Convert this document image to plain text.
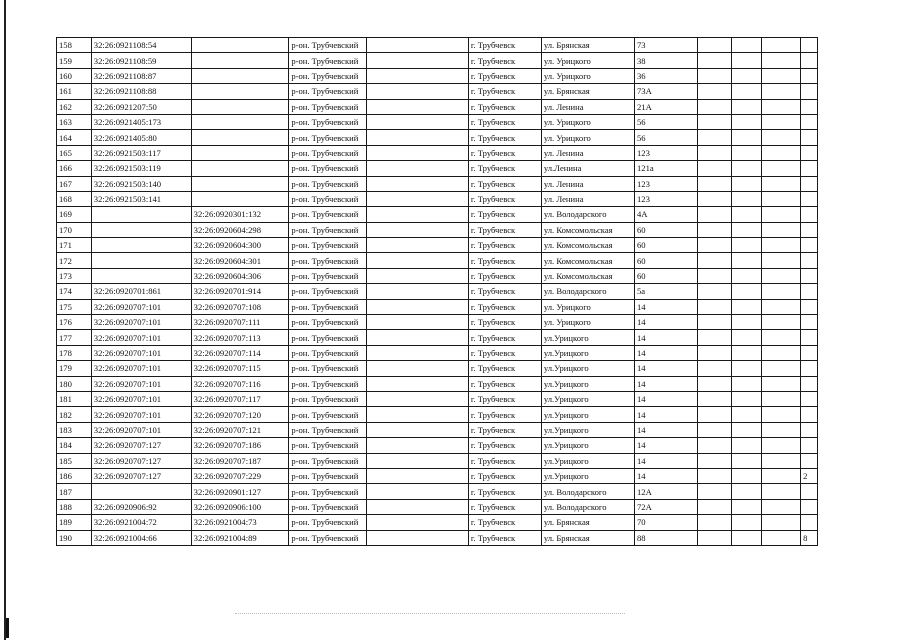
158	32:26:0921108:54		р-он. Трубчевский		г. Трубчевск	ул. Брянская	73				
159	32:26:0921108:59		р-он. Трубчевский		г. Трубчевск	ул. Урицкого	38				
160	32:26:0921108:87		р-он. Трубчевский		г. Трубчевск	ул. Урицкого	36				
161	32:26:0921108:88		р-он. Трубчевский		г. Трубчевск	ул. Брянская	73А				
162	32:26:0921207:50		р-он. Трубчевский		г. Трубчевск	ул. Ленина	21А				
163	32:26:0921405:173		р-он. Трубчевский		г. Трубчевск	ул. Урицкого	56				
164	32:26:0921405:80		р-он. Трубчевский		г. Трубчевск	ул. Урицкого	56				
165	32:26:0921503:117		р-он. Трубчевский		г. Трубчевск	ул. Ленина	123				
166	32:26:0921503:119		р-он. Трубчевский		г. Трубчевск	ул.Ленина	121а				
167	32:26:0921503:140		р-он. Трубчевский		г. Трубчевск	ул. Ленина	123				
168	32:26:0921503:141		р-он. Трубчевский		г. Трубчевск	ул. Ленина	123				
169		32:26:0920301:132	р-он. Трубчевский		г. Трубчевск	ул. Володарского	4А				
170		32:26:0920604:298	р-он. Трубчевский		г. Трубчевск	ул. Комсомольская	60				
171		32:26:0920604:300	р-он. Трубчевский		г. Трубчевск	ул. Комсомольская	60				
172		32:26:0920604:301	р-он. Трубчевский		г. Трубчевск	ул. Комсомольская	60				
173		32:26:0920604:306	р-он. Трубчевский		г. Трубчевск	ул. Комсомольская	60				
174	32:26:0920701:861	32:26:0920701:914	р-он. Трубчевский		г. Трубчевск	ул. Володарского	5а				
175	32:26:0920707:101	32:26:0920707:108	р-он. Трубчевский		г. Трубчевск	ул. Урицкого	14				
176	32:26:0920707:101	32:26:0920707:111	р-он. Трубчевский		г. Трубчевск	ул. Урицкого	14				
177	32:26:0920707:101	32:26:0920707:113	р-он. Трубчевский		г. Трубчевск	ул.Урицкого	14				
178	32:26:0920707:101	32:26:0920707:114	р-он. Трубчевский		г. Трубчевск	ул.Урицкого	14				
179	32:26:0920707:101	32:26:0920707:115	р-он. Трубчевский		г. Трубчевск	ул.Урицкого	14				
180	32:26:0920707:101	32:26:0920707:116	р-он. Трубчевский		г. Трубчевск	ул.Урицкого	14				
181	32:26:0920707:101	32:26:0920707:117	р-он. Трубчевский		г. Трубчевск	ул.Урицкого	14				
182	32:26:0920707:101	32:26:0920707:120	р-он. Трубчевский		г. Трубчевск	ул.Урицкого	14				
183	32:26:0920707:101	32:26:0920707:121	р-он. Трубчевский		г. Трубчевск	ул.Урицкого	14				
184	32:26:0920707:127	32:26:0920707:186	р-он. Трубчевский		г. Трубчевск	ул.Урицкого	14				
185	32:26:0920707:127	32:26:0920707:187	р-он. Трубчевский		г. Трубчевск	ул.Урицкого	14				
186	32:26:0920707:127	32:26:0920707:229	р-он. Трубчевский		г. Трубчевск	ул.Урицкого	14				2
187		32:26:0920901:127	р-он. Трубчевский		г. Трубчевск	ул. Володарского	12А				
188	32:26:0920906:92	32:26:0920906:100	р-он. Трубчевский		г. Трубчевск	ул. Володарского	72А				
189	32:26:0921004:72	32:26:0921004:73	р-он. Трубчевский		г. Трубчевск	ул. Брянская	70				
190	32:26:0921004:66	32:26:0921004:89	р-он. Трубчевский		г. Трубчевск	ул. Брянская	88				8
